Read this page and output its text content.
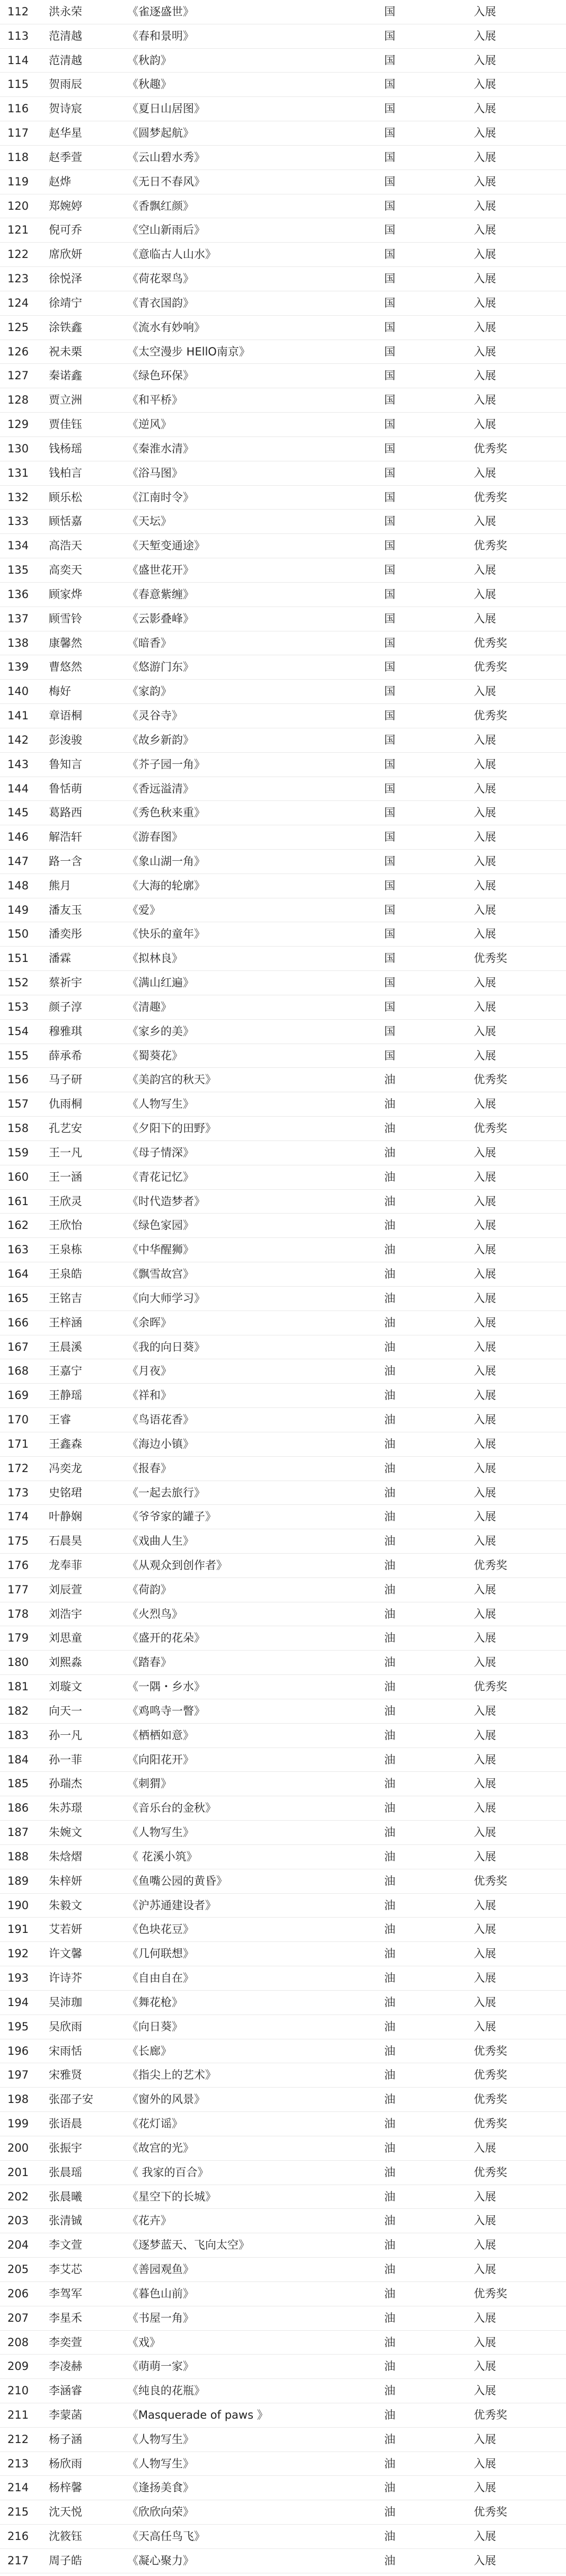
112	洪永荣	《雀逐盛世》	国	入展
113	范清越	《春和景明》	国	入展
114	范清越	《秋韵》	国	入展
115	贺雨辰	《秋趣》	国	入展
116	贺诗宸	《夏日山居图》	国	入展
117	赵华星	《圆梦起航》	国	入展
118	赵季萱	《云山碧水秀》	国	入展
119	赵烨	《无日不春风》	国	入展
120	郑婉婷	《香飘红颜》	国	入展
121	倪可乔	《空山新雨后》	国	入展
122	席欣妍	《意临古人山水》	国	入展
123	徐悦泽	《荷花翠鸟》	国	入展
124	徐靖宁	《青衣国韵》	国	入展
125	涂铁鑫	《流水有妙响》	国	入展
126	祝未栗	《太空漫步 HEllO南京》	国	入展
127	秦诺鑫	《绿色环保》	国	入展
128	贾立洲	《和平桥》	国	入展
129	贾佳钰	《逆风》	国	入展
130	钱杨瑶	《秦淮水清》	国	优秀奖
131	钱柏言	《浴马图》	国	入展
132	顾乐松	《江南时令》	国	优秀奖
133	顾恬嘉	《天坛》	国	入展
134	高浩天	《天堑变通途》	国	优秀奖
135	高奕天	《盛世花开》	国	入展
136	顾家烨	《春意紫缠》	国	入展
137	顾雪铃	《云影叠峰》	国	入展
138	康馨然	《暗香》	国	优秀奖
139	曹悠然	《悠游门东》	国	优秀奖
140	梅好	《家韵》	国	入展
141	章语桐	《灵谷寺》	国	优秀奖
142	彭浚骏	《故乡新韵》	国	入展
143	鲁知言	《芥子园一角》	国	入展
144	鲁恬萌	《香远溢清》	国	入展
145	葛路西	《秀色秋来重》	国	入展
146	解浩轩	《游春图》	国	入展
147	路一含	《象山湖一角》	国	入展
148	熊月	《大海的轮廓》	国	入展
149	潘友玉	《爱》	国	入展
150	潘奕彤	《快乐的童年》	国	入展
151	潘霖	《拟林良》	国	优秀奖
152	蔡祈宇	《满山红遍》	国	入展
153	颜子淳	《清趣》	国	入展
154	穆雅琪	《家乡的美》	国	入展
155	薛承希	《蜀葵花》	国	入展
156	马子研	《美韵宫的秋天》	油	优秀奖
157	仇雨桐	《人物写生》	油	入展
158	孔艺安	《夕阳下的田野》	油	优秀奖
159	王一凡	《母子情深》	油	入展
160	王一涵	《青花记忆》	油	入展
161	王欣灵	《时代造梦者》	油	入展
162	王欣怡	《绿色家园》	油	入展
163	王泉栋	《中华醒狮》	油	入展
164	王泉皓	《飘雪故宫》	油	入展
165	王铭吉	《向大师学习》	油	入展
166	王梓涵	《余晖》	油	入展
167	王晨溪	《我的向日葵》	油	入展
168	王嘉宁	《月夜》	油	入展
169	王静瑶	《祥和》	油	入展
170	王睿	《鸟语花香》	油	入展
171	王鑫森	《海边小镇》	油	入展
172	冯奕龙	《报春》	油	入展
173	史铭珺	《一起去旅行》	油	入展
174	叶静娴	《爷爷家的罐子》	油	入展
175	石晨昊	《戏曲人生》	油	入展
176	龙奉菲	《从观众到创作者》	油	优秀奖
177	刘辰萱	《荷韵》	油	入展
178	刘浩宇	《火烈鸟》	油	入展
179	刘思童	《盛开的花朵》	油	入展
180	刘熙淼	《踏春》	油	入展
181	刘璇文	《一隅・乡水》	油	优秀奖
182	向天一	《鸡鸣寺一瞥》	油	入展
183	孙一凡	《栖栖如意》	油	入展
184	孙一菲	《向阳花开》	油	入展
185	孙瑞杰	《刺猬》	油	入展
186	朱苏璟	《音乐台的金秋》	油	入展
187	朱婉文	《人物写生》	油	入展
188	朱焓熠	《 花溪小筑》	油	入展
189	朱梓妍	《鱼嘴公园的黄昏》	油	优秀奖
190	朱毅文	《沪苏通建设者》	油	入展
191	艾若妍	《色块花豆》	油	入展
192	许文馨	《几何联想》	油	入展
193	许诗芥	《自由自在》	油	入展
194	吴沛珈	《舞花枪》	油	入展
195	吴欣雨	《向日葵》	油	入展
196	宋雨恬	《长廊》	油	优秀奖
197	宋雅贤	《指尖上的艺术》	油	优秀奖
198	张邵子安	《窗外的风景》	油	优秀奖
199	张语晨	《花灯谣》	油	优秀奖
200	张振宇	《故宫的光》	油	入展
201	张晨瑶	《 我家的百合》	油	优秀奖
202	张晨曦	《星空下的长城》	油	入展
203	张清铖	《花卉》	油	入展
204	李文萱	《逐梦蓝天、飞向太空》	油	入展
205	李艾芯	《善园观鱼》	油	入展
206	李驾军	《暮色山前》	油	优秀奖
207	李星禾	《书屋一角》	油	入展
208	李奕萱	《戏》	油	入展
209	李凌赫	《萌萌一家》	油	入展
210	李涵睿	《纯良的花瓶》	油	入展
211	李蒙菡	《Masquerade of paws 》	油	优秀奖
212	杨子涵	《人物写生》	油	入展
213	杨欣雨	《人物写生》	油	入展
214	杨梓馨	《逢扬美食》	油	入展
215	沈天悦	《欣欣向荣》	油	优秀奖
216	沈筱钰	《天高任鸟飞》	油	入展
217	周子皓	《凝心聚力》	油	入展
